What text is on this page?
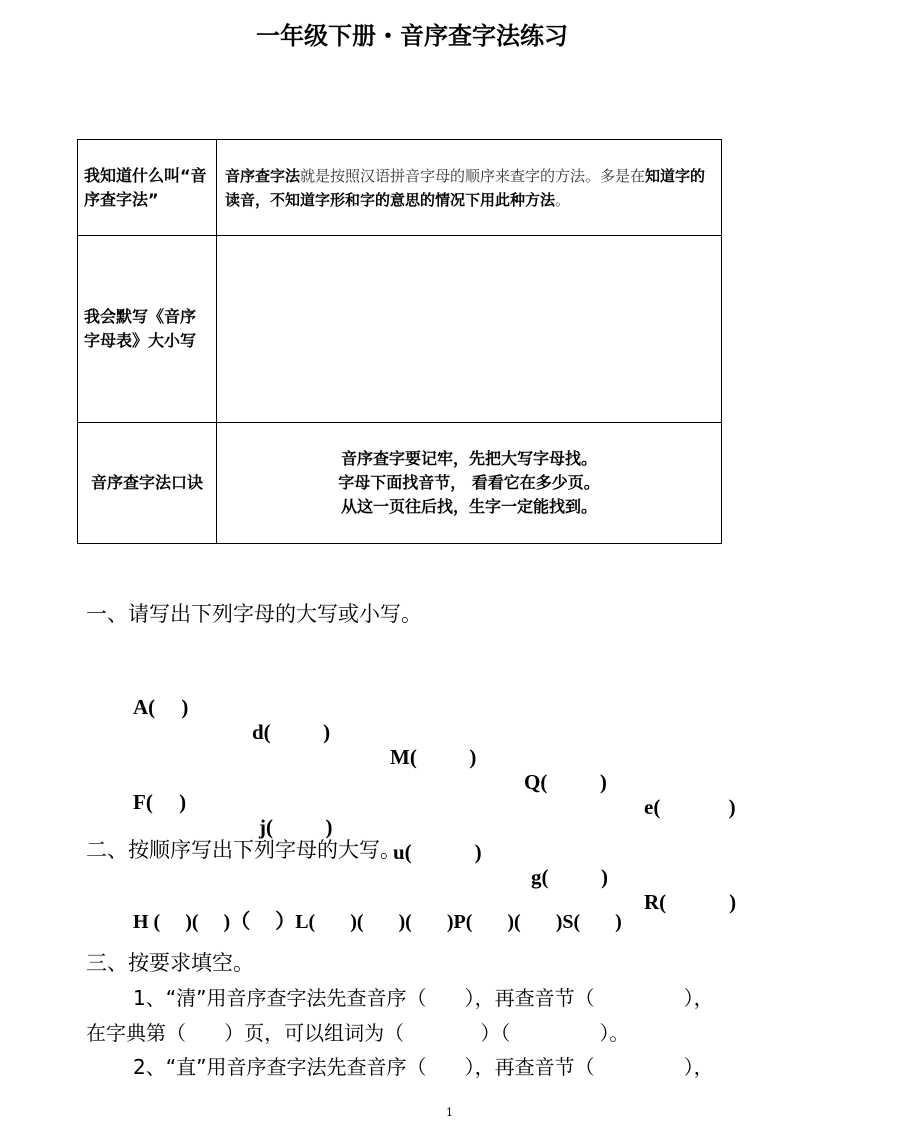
一年级下册・音序查字法练习
我知道什么叫“音序查字法”	音序查字法就是按照汉语拼音字母的顺序来查字的方法。多是在知道字的读音，不知道字形和字的意思的情况下用此种方法。
我会默写《音序字母表》大小写	
音序查字法口诀	音序查字要记牢，先把大写字母找。
字母下面找音节， 看看它在多少页。
从这一页往后找，生字一定能找到。
一、请写出下列字母的大写或小写。

A(     )

d(          )

M(          )

Q(          )

e(             )

F(     )

j(          )

u(            )

g(          )

R(            )

二、按顺序写出下列字母的大写。
H (     )(     )（     ）L(       )(       )(       )P(       )(       )S(       )
三、按要求填空。
1、“清”用音序查字法先查音序（      ），再查音节（              ），
在字典第（      ）页，可以组词为（            ）（              ）。
2、“直”用音序查字法先查音序（      ），再查音节（              ），
1
